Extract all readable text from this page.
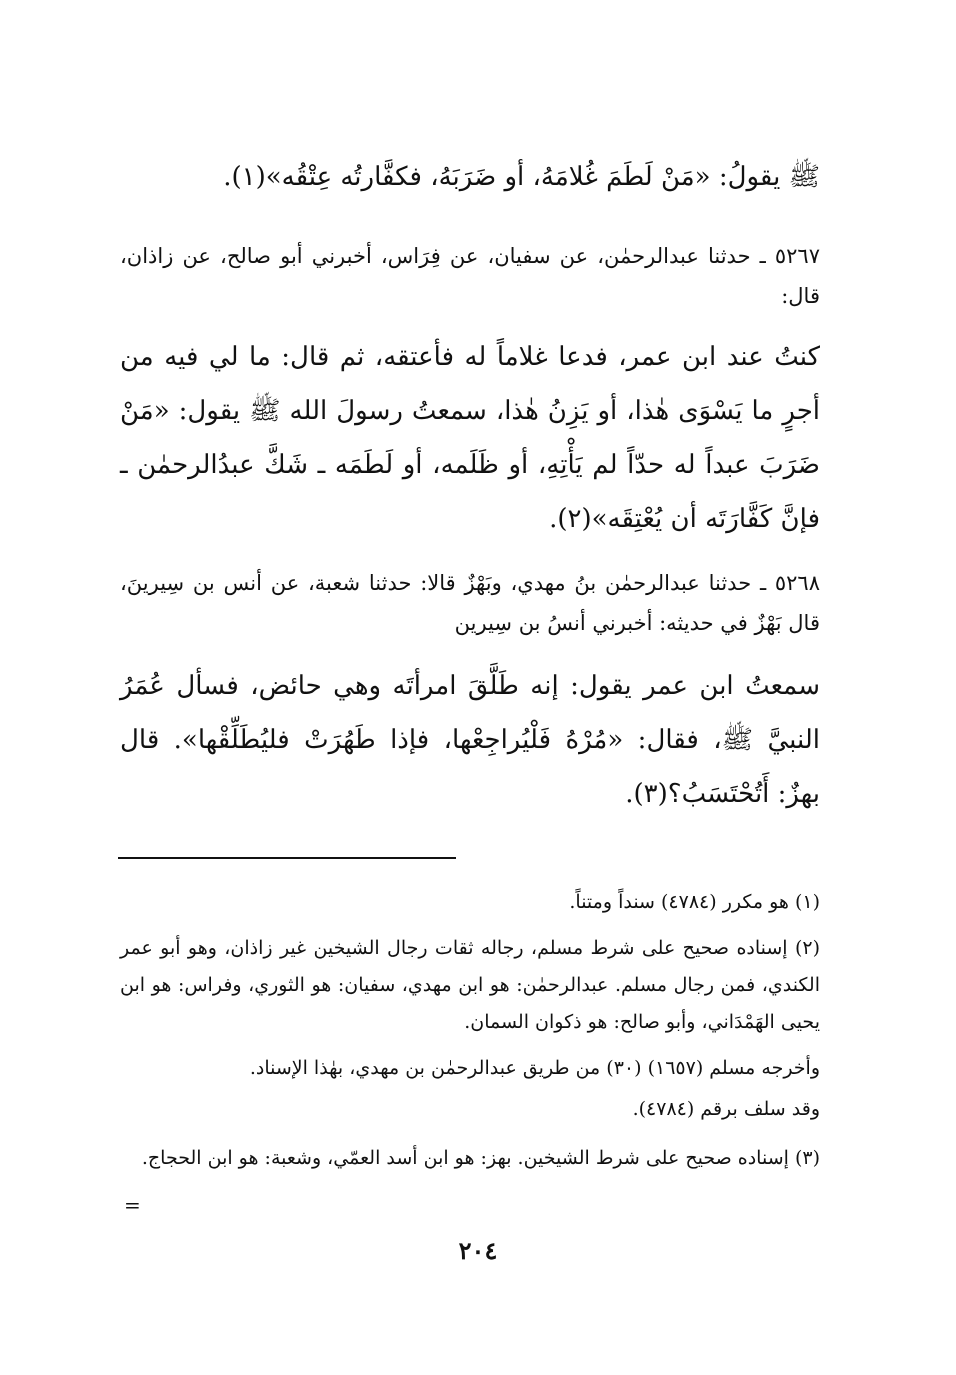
ﷺ يقولُ: «مَنْ لَطَمَ غُلامَهُ، أو ضَرَبَهُ، فكفَّارتُه عِتْقُه»(١).
٥٢٦٧ ـ حدثنا عبدالرحمٰن، عن سفيان، عن فِرَاس، أخبرني أبو صالح، عن زاذان، قال:
كنتُ عند ابن عمر، فدعا غلاماً له فأعتقه، ثم قال: ما لي فيه من أجرٍ ما يَسْوَى هٰذا، أو يَزِنُ هٰذا، سمعتُ رسولَ الله ﷺ يقول: «مَنْ ضَرَبَ عبداً له حدّاً لم يَأْتِهِ، أو ظَلَمه، أو لَطَمَه ـ شَكَّ عبدُالرحمٰن ـ فإنَّ كَفَّارَتَه أن يُعْتِقَه»(٢).
٥٢٦٨ ـ حدثنا عبدالرحمٰن بنُ مهدي، وبَهْزٌ قالا: حدثنا شعبة، عن أنس بن سِيرينَ، قال بَهْزٌ في حديثه: أخبرني أنسُ بن سِيرين
سمعتُ ابن عمر يقول: إنه طَلَّقَ امرأتَه وهي حائض، فسأل عُمَرُ النبيَّ ﷺ، فقال: «مُرْهُ فَلْيُراجِعْها، فإذا طَهُرَتْ فليُطَلِّقْها». قال بهزٌ: أَتُحْتَسَبُ؟(٣).
(١) هو مكرر (٤٧٨٤) سنداً ومتناً.
(٢) إسناده صحيح على شرط مسلم، رجاله ثقات رجال الشيخين غير زاذان، وهو أبو عمر الكندي، فمن رجال مسلم. عبدالرحمٰن: هو ابن مهدي، سفيان: هو الثوري، وفراس: هو ابن يحيى الهَمْدَاني، وأبو صالح: هو ذكوان السمان.
وأخرجه مسلم (١٦٥٧) (٣٠) من طريق عبدالرحمٰن بن مهدي، بهٰذا الإسناد.
وقد سلف برقم (٤٧٨٤).
(٣) إسناده صحيح على شرط الشيخين. بهز: هو ابن أسد العمّي، وشعبة: هو ابن الحجاج.
=
٢٠٤
